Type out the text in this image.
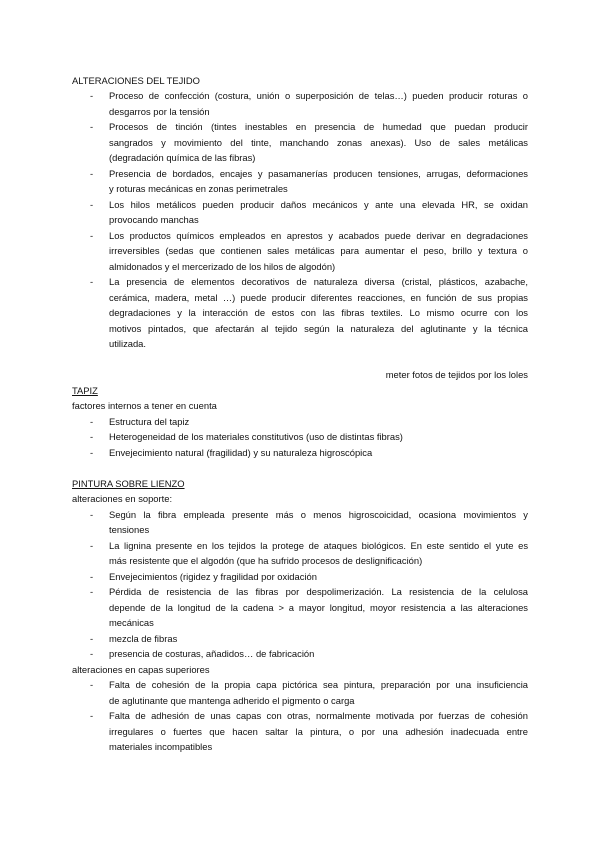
ALTERACIONES DEL TEJIDO
- Proceso de confección (costura, unión o superposición de telas…) pueden producir roturas o
desgarros por la tensión
- Procesos de tinción (tintes inestables en presencia de humedad que puedan producir
sangrados y movimiento del tinte, manchando zonas anexas). Uso de sales metálicas
(degradación química de las fibras)
- Presencia de bordados, encajes y pasamanerías producen tensiones, arrugas, deformaciones
y roturas mecánicas en zonas perimetrales
- Los hilos metálicos pueden producir daños mecánicos y ante una elevada HR, se oxidan
provocando manchas
- Los productos químicos empleados en aprestos y acabados puede derivar en degradaciones
irreversibles (sedas que contienen sales metálicas para aumentar el peso, brillo y textura o
almidonados y el mercerizado de los hilos de algodón)
- La presencia de elementos decorativos de naturaleza diversa (cristal, plásticos, azabache,
cerámica, madera, metal …) puede producir diferentes reacciones, en función de sus propias
degradaciones y la interacción de estos con las fibras textiles. Lo mismo ocurre con los
motivos pintados, que afectarán al tejido según la naturaleza del aglutinante y la técnica
utilizada.
meter fotos de tejidos por los loles
TAPIZ
factores internos a tener en cuenta
- Estructura del tapiz
- Heterogeneidad de los materiales constitutivos (uso de distintas fibras)
- Envejecimiento natural (fragilidad) y su naturaleza higroscópica
PINTURA SOBRE LIENZO
alteraciones en soporte:
- Según la fibra empleada presente más o menos higroscoicidad, ocasiona movimientos y
tensiones
- La lignina presente en los tejidos la protege de ataques biológicos. En este sentido el yute es
más resistente que el algodón (que ha sufrido procesos de deslignificación)
- Envejecimientos (rigidez y fragilidad por oxidación
- Pérdida de resistencia de las fibras por despolimerización. La resistencia de la celulosa
depende de la longitud de la cadena > a mayor longitud, moyor resistencia a las alteraciones
mecánicas
- mezcla de fibras
- presencia de costuras, añadidos… de fabricación
alteraciones en capas superiores
- Falta de cohesión de la propia capa pictórica sea pintura, preparación por una insuficiencia
de aglutinante que mantenga adherido el pigmento o carga
- Falta de adhesión de unas capas con otras, normalmente motivada por fuerzas de cohesión
irregulares o fuertes que hacen saltar la pintura, o por una adhesión inadecuada entre
materiales incompatibles
